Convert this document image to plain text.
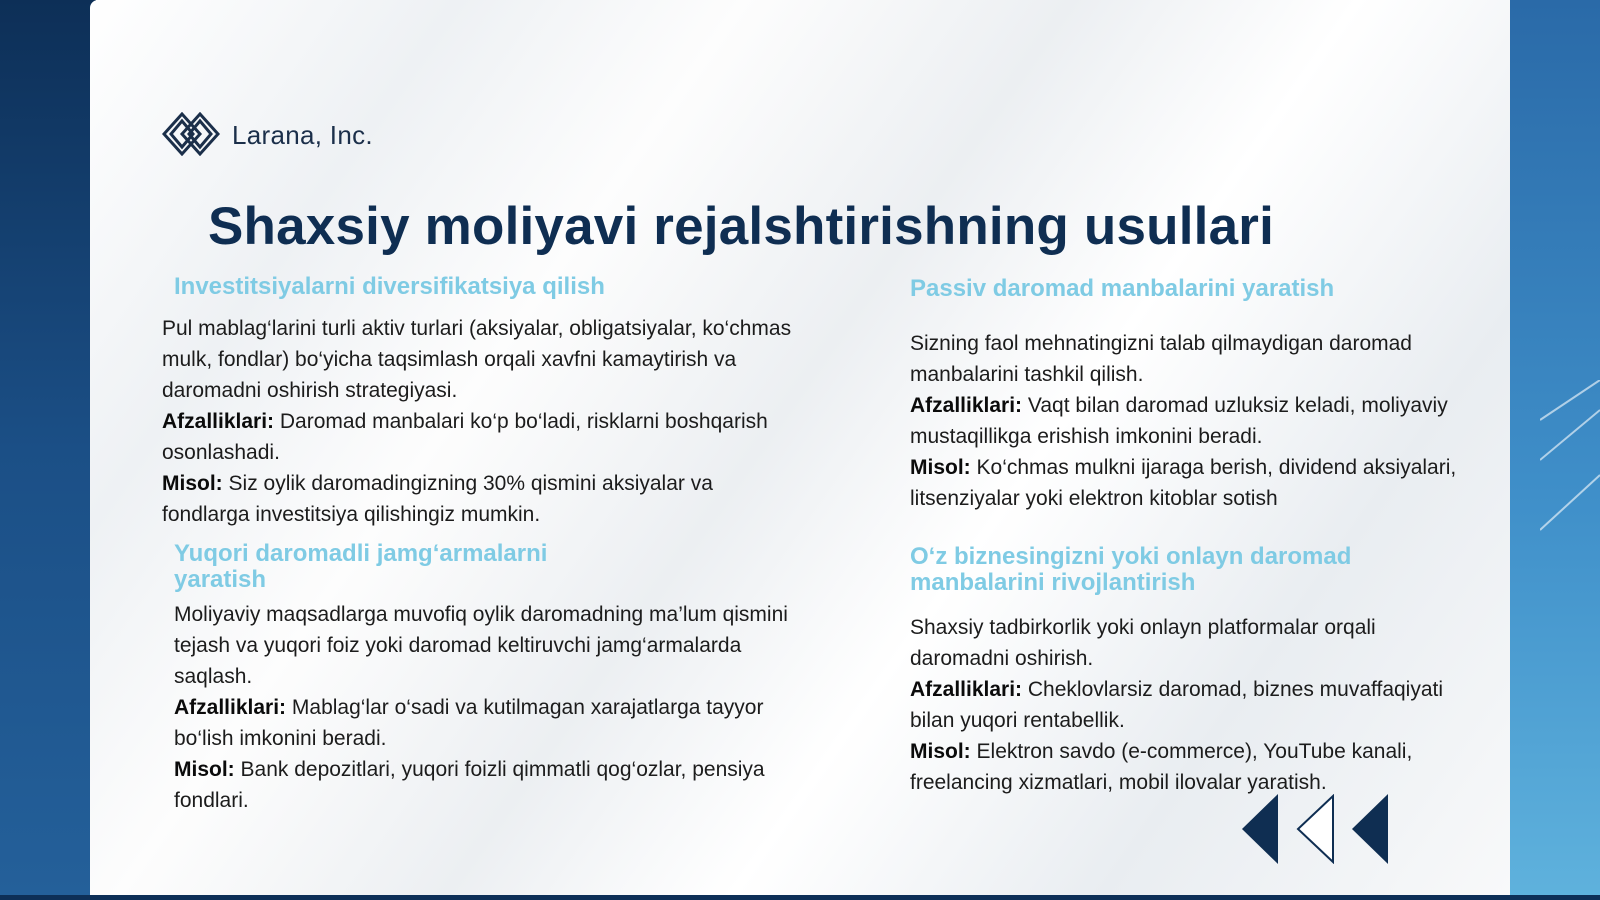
Larana, Inc.
Shaxsiy moliyavi rejalshtirishning usullari
Investitsiyalarni diversifikatsiya qilish
Pul mablag‘larini turli aktiv turlari (aksiyalar, obligatsiyalar, ko‘chmas mulk, fondlar) bo‘yicha taqsimlash orqali xavfni kamaytirish va daromadni oshirish strategiyasi.
Afzalliklari: Daromad manbalari ko‘p bo‘ladi, risklarni boshqarish osonlashadi.
Misol: Siz oylik daromadingizning 30% qismini aksiyalar va fondlarga investitsiya qilishingiz mumkin.
Yuqori daromadli jamg‘armalarni yaratish
Moliyaviy maqsadlarga muvofiq oylik daromadning ma’lum qismini tejash va yuqori foiz yoki daromad keltiruvchi jamg‘armalarda saqlash.
Afzalliklari: Mablag‘lar o‘sadi va kutilmagan xarajatlarga tayyor bo‘lish imkonini beradi.
Misol: Bank depozitlari, yuqori foizli qimmatli qog‘ozlar, pensiya fondlari.
Passiv daromad manbalarini yaratish
Sizning faol mehnatingizni talab qilmaydigan daromad manbalarini tashkil qilish.
Afzalliklari: Vaqt bilan daromad uzluksiz keladi, moliyaviy mustaqillikga erishish imkonini beradi.
Misol: Ko‘chmas mulkni ijaraga berish, dividend aksiyalari, litsenziyalar yoki elektron kitoblar sotish
O‘z biznesingizni yoki onlayn daromad manbalarini rivojlantirish
Shaxsiy tadbirkorlik yoki onlayn platformalar orqali daromadni oshirish.
Afzalliklari: Cheklovlarsiz daromad, biznes muvaffaqiyati bilan yuqori rentabellik.
Misol: Elektron savdo (e-commerce), YouTube kanali, freelancing xizmatlari, mobil ilovalar yaratish.
